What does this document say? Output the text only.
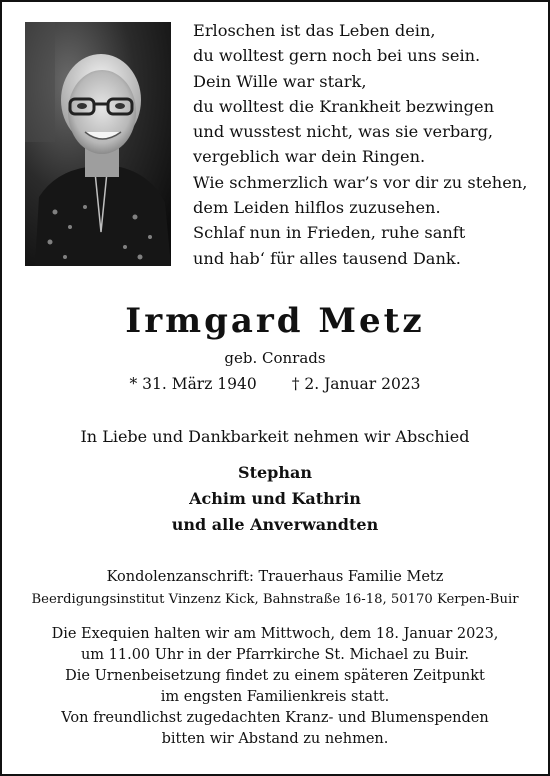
Erloschen ist das Leben dein,
du wolltest gern noch bei uns sein.
Dein Wille war stark,
du wolltest die Krankheit bezwingen
und wusstest nicht, was sie verbarg,
vergeblich war dein Ringen.
Wie schmerzlich war’s vor dir zu stehen,
dem Leiden hilflos zuzusehen.
Schlaf nun in Frieden, ruhe sanft
und hab‘ für alles tausend Dank.
Irmgard Metz
geb. Conrads
* 31. März 1940 † 2. Januar 2023
In Liebe und Dankbarkeit nehmen wir Abschied
Stephan
Achim und Kathrin
und alle Anverwandten
Kondolenzanschrift: Trauerhaus Familie Metz
Beerdigungsinstitut Vinzenz Kick, Bahnstraße 16-18, 50170 Kerpen-Buir
Die Exequien halten wir am Mittwoch, dem 18. Januar 2023,
um 11.00 Uhr in der Pfarrkirche St. Michael zu Buir.
Die Urnenbeisetzung findet zu einem späteren Zeitpunkt
im engsten Familienkreis statt.
Von freundlichst zugedachten Kranz- und Blumenspenden
bitten wir Abstand zu nehmen.
